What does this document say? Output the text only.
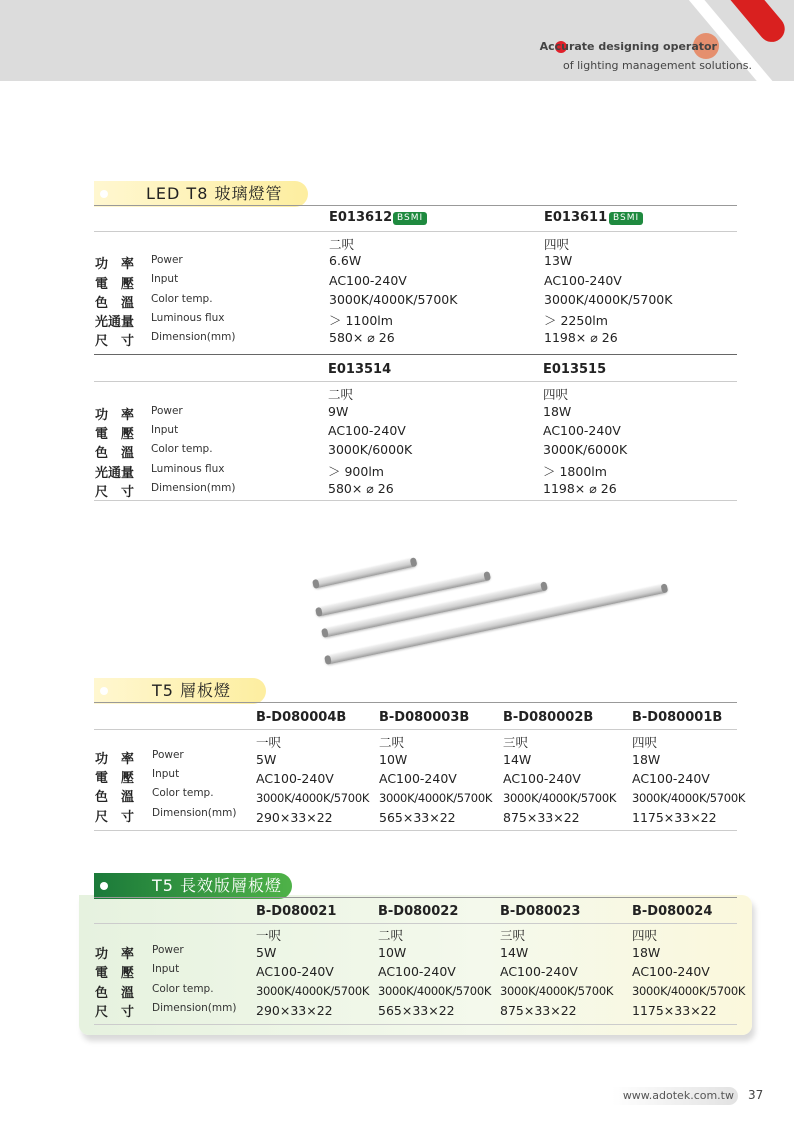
Accurate designing operator
of lighting management solutions.
LED T8 玻璃燈管
E013612 BSMI	E013611 BSMI
二呎	四呎
功　率 Power	6.6W	13W
電　壓 Input	AC100-240V	AC100-240V
色　溫 Color temp.	3000K/4000K/5700K	3000K/4000K/5700K
光通量 Luminous flux	＞ 1100lm	＞ 2250lm
尺　寸 Dimension(mm)	580× ⌀ 26	1198× ⌀ 26
E013514	E013515
二呎	四呎
功　率 Power	9W	18W
電　壓 Input	AC100-240V	AC100-240V
色　溫 Color temp.	3000K/6000K	3000K/6000K
光通量 Luminous flux	＞ 900lm	＞ 1800lm
尺　寸 Dimension(mm)	580× ⌀ 26	1198× ⌀ 26
T5 層板燈
B-D080004B	B-D080003B	B-D080002B	B-D080001B
一呎	二呎	三呎	四呎
功　率 Power	5W	10W	14W	18W
電　壓 Input	AC100-240V	AC100-240V	AC100-240V	AC100-240V
色　溫 Color temp.	3000K/4000K/5700K 3000K/4000K/5700K 3000K/4000K/5700K 3000K/4000K/5700K
尺　寸 Dimension(mm) 290×33×22	565×33×22	875×33×22	1175×33×22
T5 長效版層板燈
B-D080021	B-D080022	B-D080023	B-D080024
一呎	二呎	三呎	四呎
功　率 Power	5W	10W	14W	18W
電　壓 Input	AC100-240V	AC100-240V	AC100-240V	AC100-240V
色　溫 Color temp.	3000K/4000K/5700K 3000K/4000K/5700K 3000K/4000K/5700K 3000K/4000K/5700K
尺　寸 Dimension(mm) 290×33×22	565×33×22	875×33×22	1175×33×22
www.adotek.com.tw	37
